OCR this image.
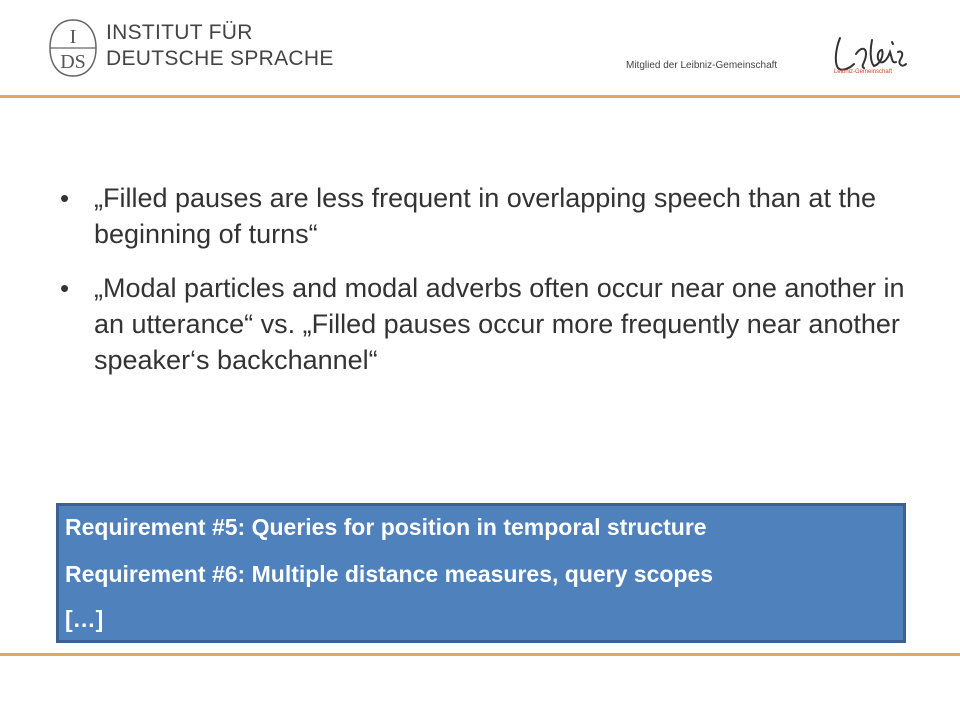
I
DS
INSTITUT FÜR
DEUTSCHE SPRACHE	Mitglied der Leibniz-Gemeinschaft
Leibniz-Gemeinschaft
• „Filled pauses are less frequent in overlapping speech than at the beginning of turns“
• „Modal particles and modal adverbs often occur near one another in an utterance“ vs. „Filled pauses occur more frequently near another speaker‘s backchannel“
Requirement #5: Queries for position in temporal structure
Requirement #6: Multiple distance measures, query scopes
[…]
